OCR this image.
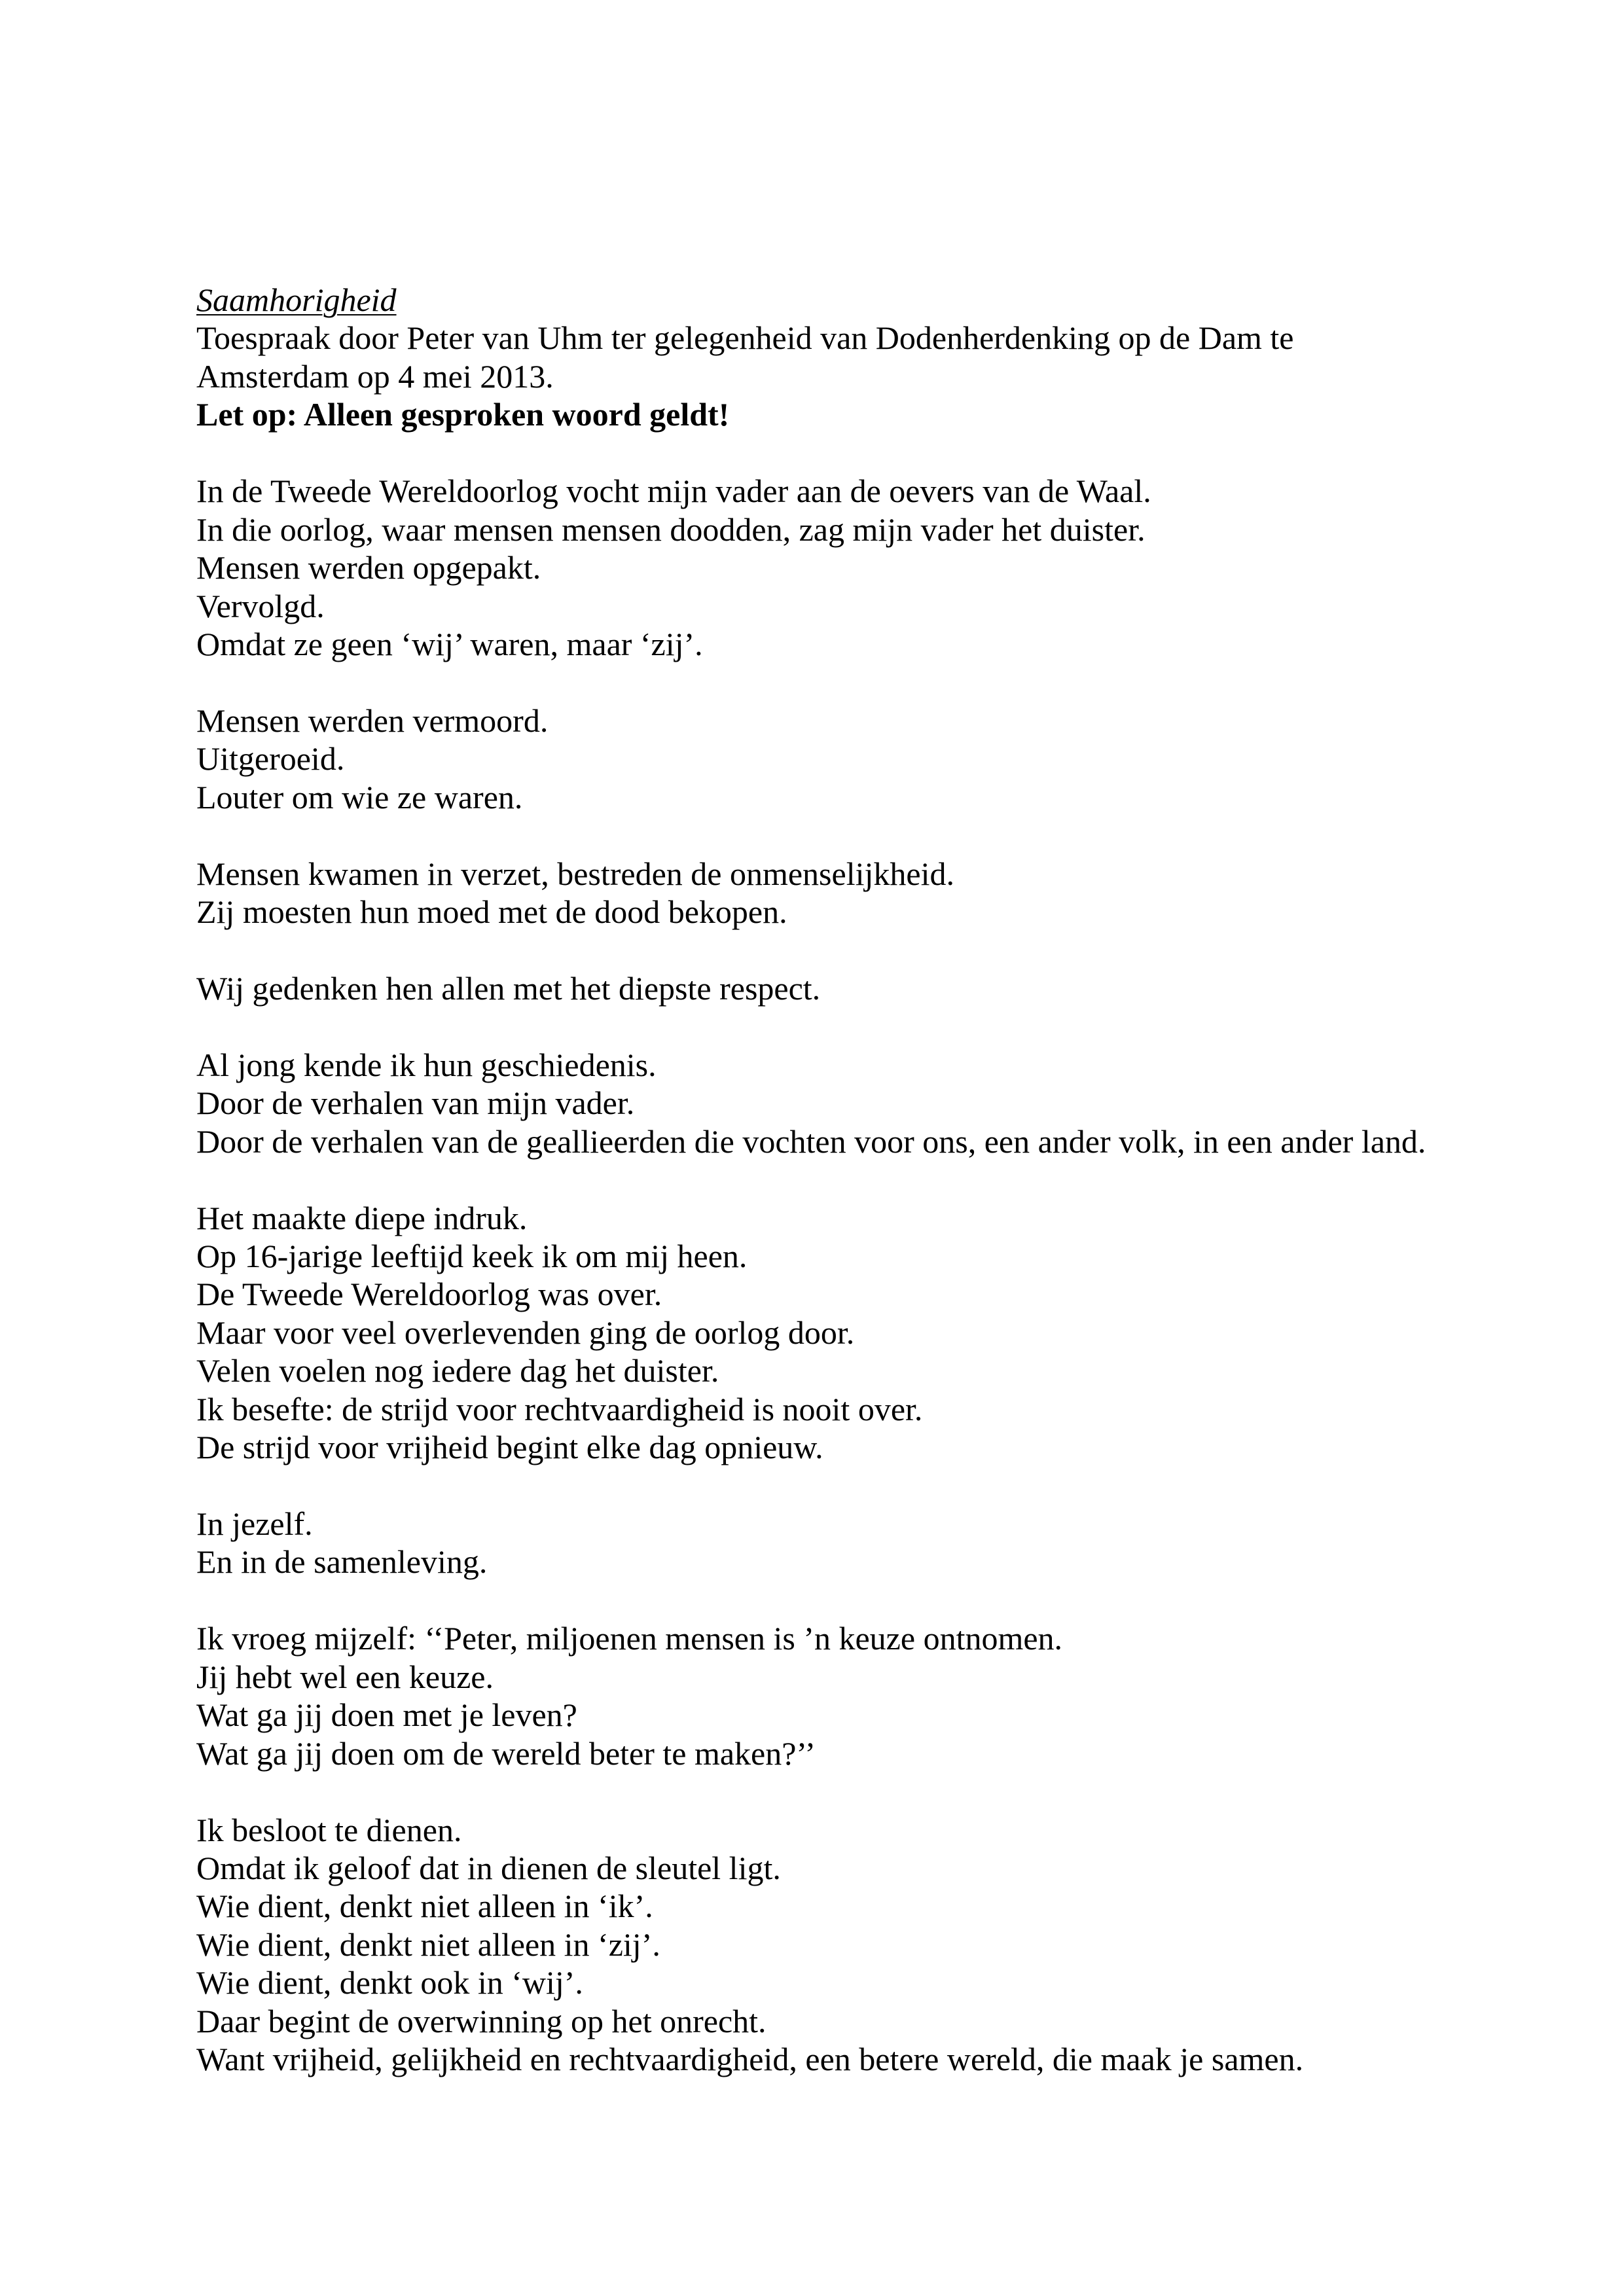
Saamhorigheid
Toespraak door Peter van Uhm ter gelegenheid van Dodenherdenking op de Dam te Amsterdam op 4 mei 2013.
Let op: Alleen gesproken woord geldt!
In de Tweede Wereldoorlog vocht mijn vader aan de oevers van de Waal.
In die oorlog, waar mensen mensen doodden, zag mijn vader het duister.
Mensen werden opgepakt.
Vervolgd.
Omdat ze geen ‘wij’ waren, maar ‘zij’.
Mensen werden vermoord.
Uitgeroeid.
Louter om wie ze waren.
Mensen kwamen in verzet, bestreden de onmenselijkheid.
Zij moesten hun moed met de dood bekopen.
Wij gedenken hen allen met het diepste respect.
Al jong kende ik hun geschiedenis.
Door de verhalen van mijn vader.
Door de verhalen van de geallieerden die vochten voor ons, een ander volk, in een ander land.
Het maakte diepe indruk.
Op 16-jarige leeftijd keek ik om mij heen.
De Tweede Wereldoorlog was over.
Maar voor veel overlevenden ging de oorlog door.
Velen voelen nog iedere dag het duister.
Ik besefte: de strijd voor rechtvaardigheid is nooit over.
De strijd voor vrijheid begint elke dag opnieuw.
In jezelf.
En in de samenleving.
Ik vroeg mijzelf: ‘‘Peter, miljoenen mensen is ’n keuze ontnomen.
Jij hebt wel een keuze.
Wat ga jij doen met je leven?
Wat ga jij doen om de wereld beter te maken?’’
Ik besloot te dienen.
Omdat ik geloof dat in dienen de sleutel ligt.
Wie dient, denkt niet alleen in ‘ik’.
Wie dient, denkt niet alleen in ‘zij’.
Wie dient, denkt ook in ‘wij’.
Daar begint de overwinning op het onrecht.
Want vrijheid, gelijkheid en rechtvaardigheid, een betere wereld, die maak je samen.
